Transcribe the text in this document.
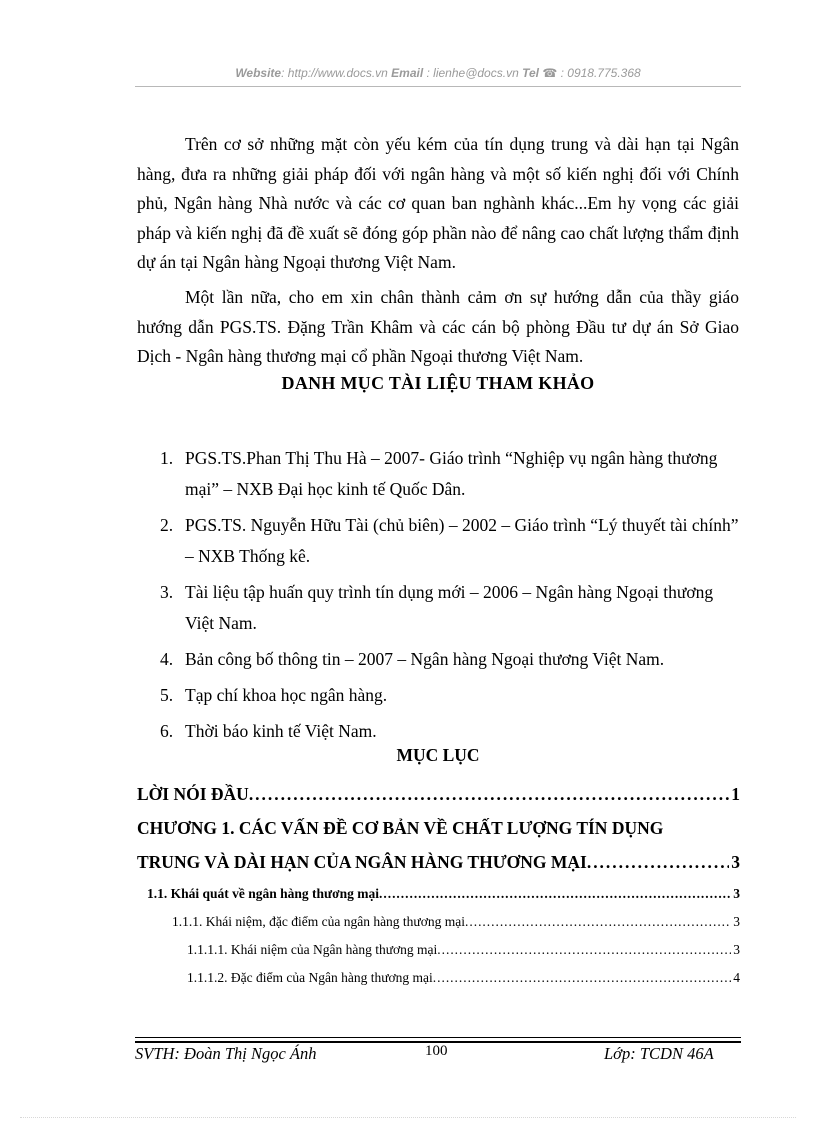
Website: http://www.docs.vn Email : lienhe@docs.vn Tel ☎ : 0918.775.368
Trên cơ sở những mặt còn yếu kém của tín dụng trung và dài hạn tại Ngân hàng, đưa ra những giải pháp đối với ngân hàng và một số kiến nghị đối với Chính phủ, Ngân hàng Nhà nước và các cơ quan ban nghành khác...Em hy vọng các giải pháp và kiến nghị đã đề xuất sẽ đóng góp phần nào để nâng cao chất lượng thẩm định dự án tại Ngân hàng Ngoại thương Việt Nam.
Một lần nữa, cho em xin chân thành cảm ơn sự hướng dẫn của thầy giáo hướng dẫn PGS.TS. Đặng Trần Khâm và các cán bộ phòng Đầu tư dự án Sở Giao Dịch - Ngân hàng thương mại cổ phần Ngoại thương Việt Nam.
DANH MỤC TÀI LIỆU THAM KHẢO
1. PGS.TS.Phan Thị Thu Hà – 2007- Giáo trình “Nghiệp vụ ngân hàng thương mại” – NXB Đại học kinh tế Quốc Dân.
2. PGS.TS. Nguyễn Hữu Tài (chủ biên) – 2002 – Giáo trình “Lý thuyết tài chính” – NXB Thống kê.
3. Tài liệu tập huấn quy trình tín dụng mới – 2006 – Ngân hàng Ngoại thương Việt Nam.
4. Bản công bố thông tin – 2007 – Ngân hàng Ngoại thương Việt Nam.
5. Tạp chí khoa học ngân hàng.
6. Thời báo kinh tế Việt Nam.
MỤC LỤC
LỜI NÓI ĐẦU . . .	1
CHƯƠNG 1. CÁC VẤN ĐỀ CƠ BẢN VỀ CHẤT LƯỢNG TÍN DỤNG
TRUNG VÀ DÀI HẠN CỦA NGÂN HÀNG THƯƠNG MẠI . . .	3
1.1. Khái quát về ngân hàng thương mại . . .	3
1.1.1. Khái niệm, đặc điểm của ngân hàng thương mại . . .	3
1.1.1.1. Khái niệm của Ngân hàng thương mại . . .	3
1.1.1.2. Đặc điểm của Ngân hàng thương mại . . .	4
SVTH: Đoàn Thị Ngọc Ánh	100	Lớp: TCDN 46A
